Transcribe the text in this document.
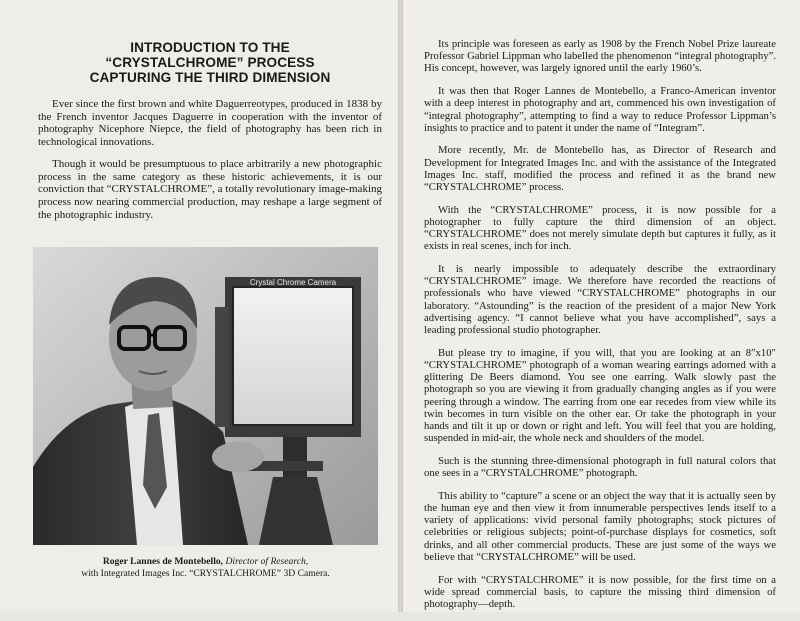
INTRODUCTION TO THE
“CRYSTALCHROME” PROCESS
CAPTURING THE THIRD DIMENSION

Ever since the first brown and white Daguerreotypes, produced in 1838 by the French inventor Jacques Daguerre in cooperation with the inventor of photography Nicephore Niepce, the field of photography has been rich in technological innovations.

Though it would be presumptuous to place arbitrarily a new photographic process in the same category as these historic achievements, it is our conviction that “CRYSTALCHROME”, a totally revolutionary image-making process now nearing commercial production, may reshape a large segment of the photographic industry.

Crystal Chrome Camera
Roger Lannes de Montebello, Director of Research,
with Integrated Images Inc. “CRYSTALCHROME” 3D Camera.

Its principle was foreseen as early as 1908 by the French Nobel Prize laureate Professor Gabriel Lippman who labelled the phenomenon “integral photography”. His concept, however, was largely ignored until the early 1960’s.

It was then that Roger Lannes de Montebello, a Franco-American inventor with a deep interest in photography and art, commenced his own investigation of “integral photography”, attempting to find a way to reduce Professor Lippman’s insights to practice and to patent it under the name of “Integram”.

More recently, Mr. de Montebello has, as Director of Research and Development for Integrated Images Inc. and with the assistance of the Integrated Images Inc. staff, modified the process and refined it as the brand new “CRYSTALCHROME” process.

With the “CRYSTALCHROME” process, it is now possible for a photographer to fully capture the third dimension of an object. “CRYSTALCHROME” does not merely simulate depth but captures it fully, as it exists in real scenes, inch for inch.

It is nearly impossible to adequately describe the extraordinary “CRYSTALCHROME” image. We therefore have recorded the reactions of professionals who have viewed “CRYSTALCHROME” photographs in our laboratory. “Astounding” is the reaction of the president of a major New York advertising agency. “I cannot believe what you have accomplished”, says a leading professional studio photographer.

But please try to imagine, if you will, that you are looking at an 8″x10″ “CRYSTALCHROME” photograph of a woman wearing earrings adorned with a glittering De Beers diamond. You see one earring. Walk slowly past the photograph so you are viewing it from gradually changing angles as if you were peering through a window. The earring from one ear recedes from view while its twin becomes in turn visible on the other ear. Or take the photograph in your hands and tilt it up or down or right and left. You will feel that you are holding, suspended in mid-air, the whole neck and shoulders of the model.

Such is the stunning three-dimensional photograph in full natural colors that one sees in a “CRYSTALCHROME” photograph.

This ability to “capture” a scene or an object the way that it is actually seen by the human eye and then view it from innumerable perspectives lends itself to a variety of applications: vivid personal family photographs; stock pictures of celebrities or religious subjects; point-of-purchase displays for cosmetics, soft drinks, and all other commercial products. These are just some of the ways we believe that “CRYSTALCHROME” will be used.

For with “CRYSTALCHROME” it is now possible, for the first time on a wide spread commercial basis, to capture the missing third dimension of photography—depth.
